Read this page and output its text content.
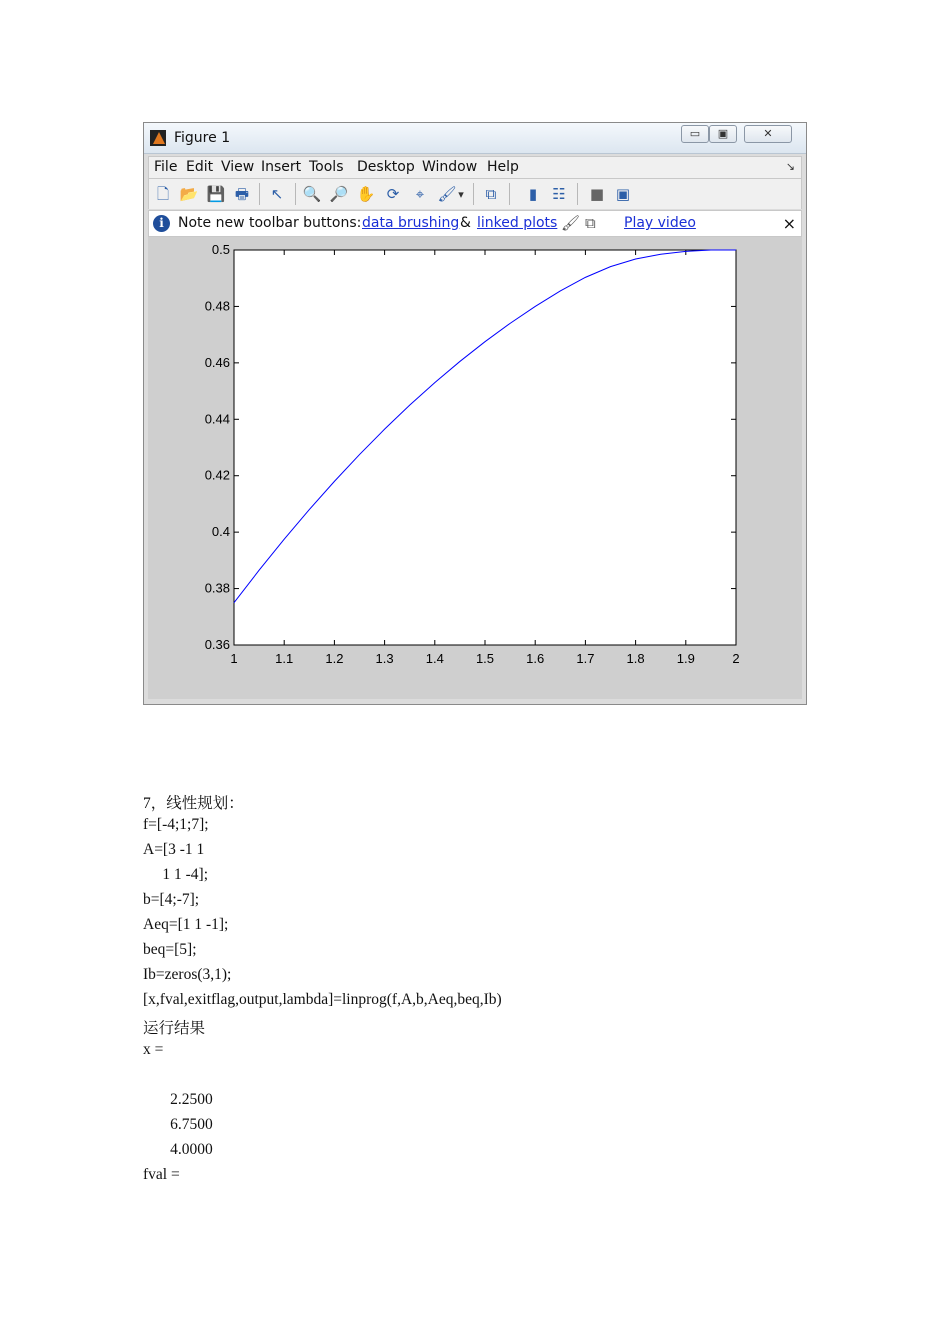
Figure 1	▭	▣	✕
File Edit View Insert Tools Desktop Window Help	↘
🗋 📂 💾 🖶 ↖ 🔍 🔎 ✋ ⟳	⌖ 🖌 ▾	⧉	▮	☷ ■ ▣
i	Note new toolbar buttons: data brushing & linked plots 🖌 ⧉	Play video	×
1	1.1 1.2 1.3 1.4 1.5 1.6 1.7 1.8 1.9	2
0.36
0.38
0.4
0.42
0.44
0.46
0.48
0.5
7，线性规划：
f=[-4;1;7];
A=[3 -1 1
1 1 -4];
b=[4;-7];
Aeq=[1 1 -1];
beq=[5];
Ib=zeros(3,1);
[x,fval,exitflag,output,lambda]=linprog(f,A,b,Aeq,beq,Ib)
运行结果
x =
2.2500
6.7500
4.0000
fval =
